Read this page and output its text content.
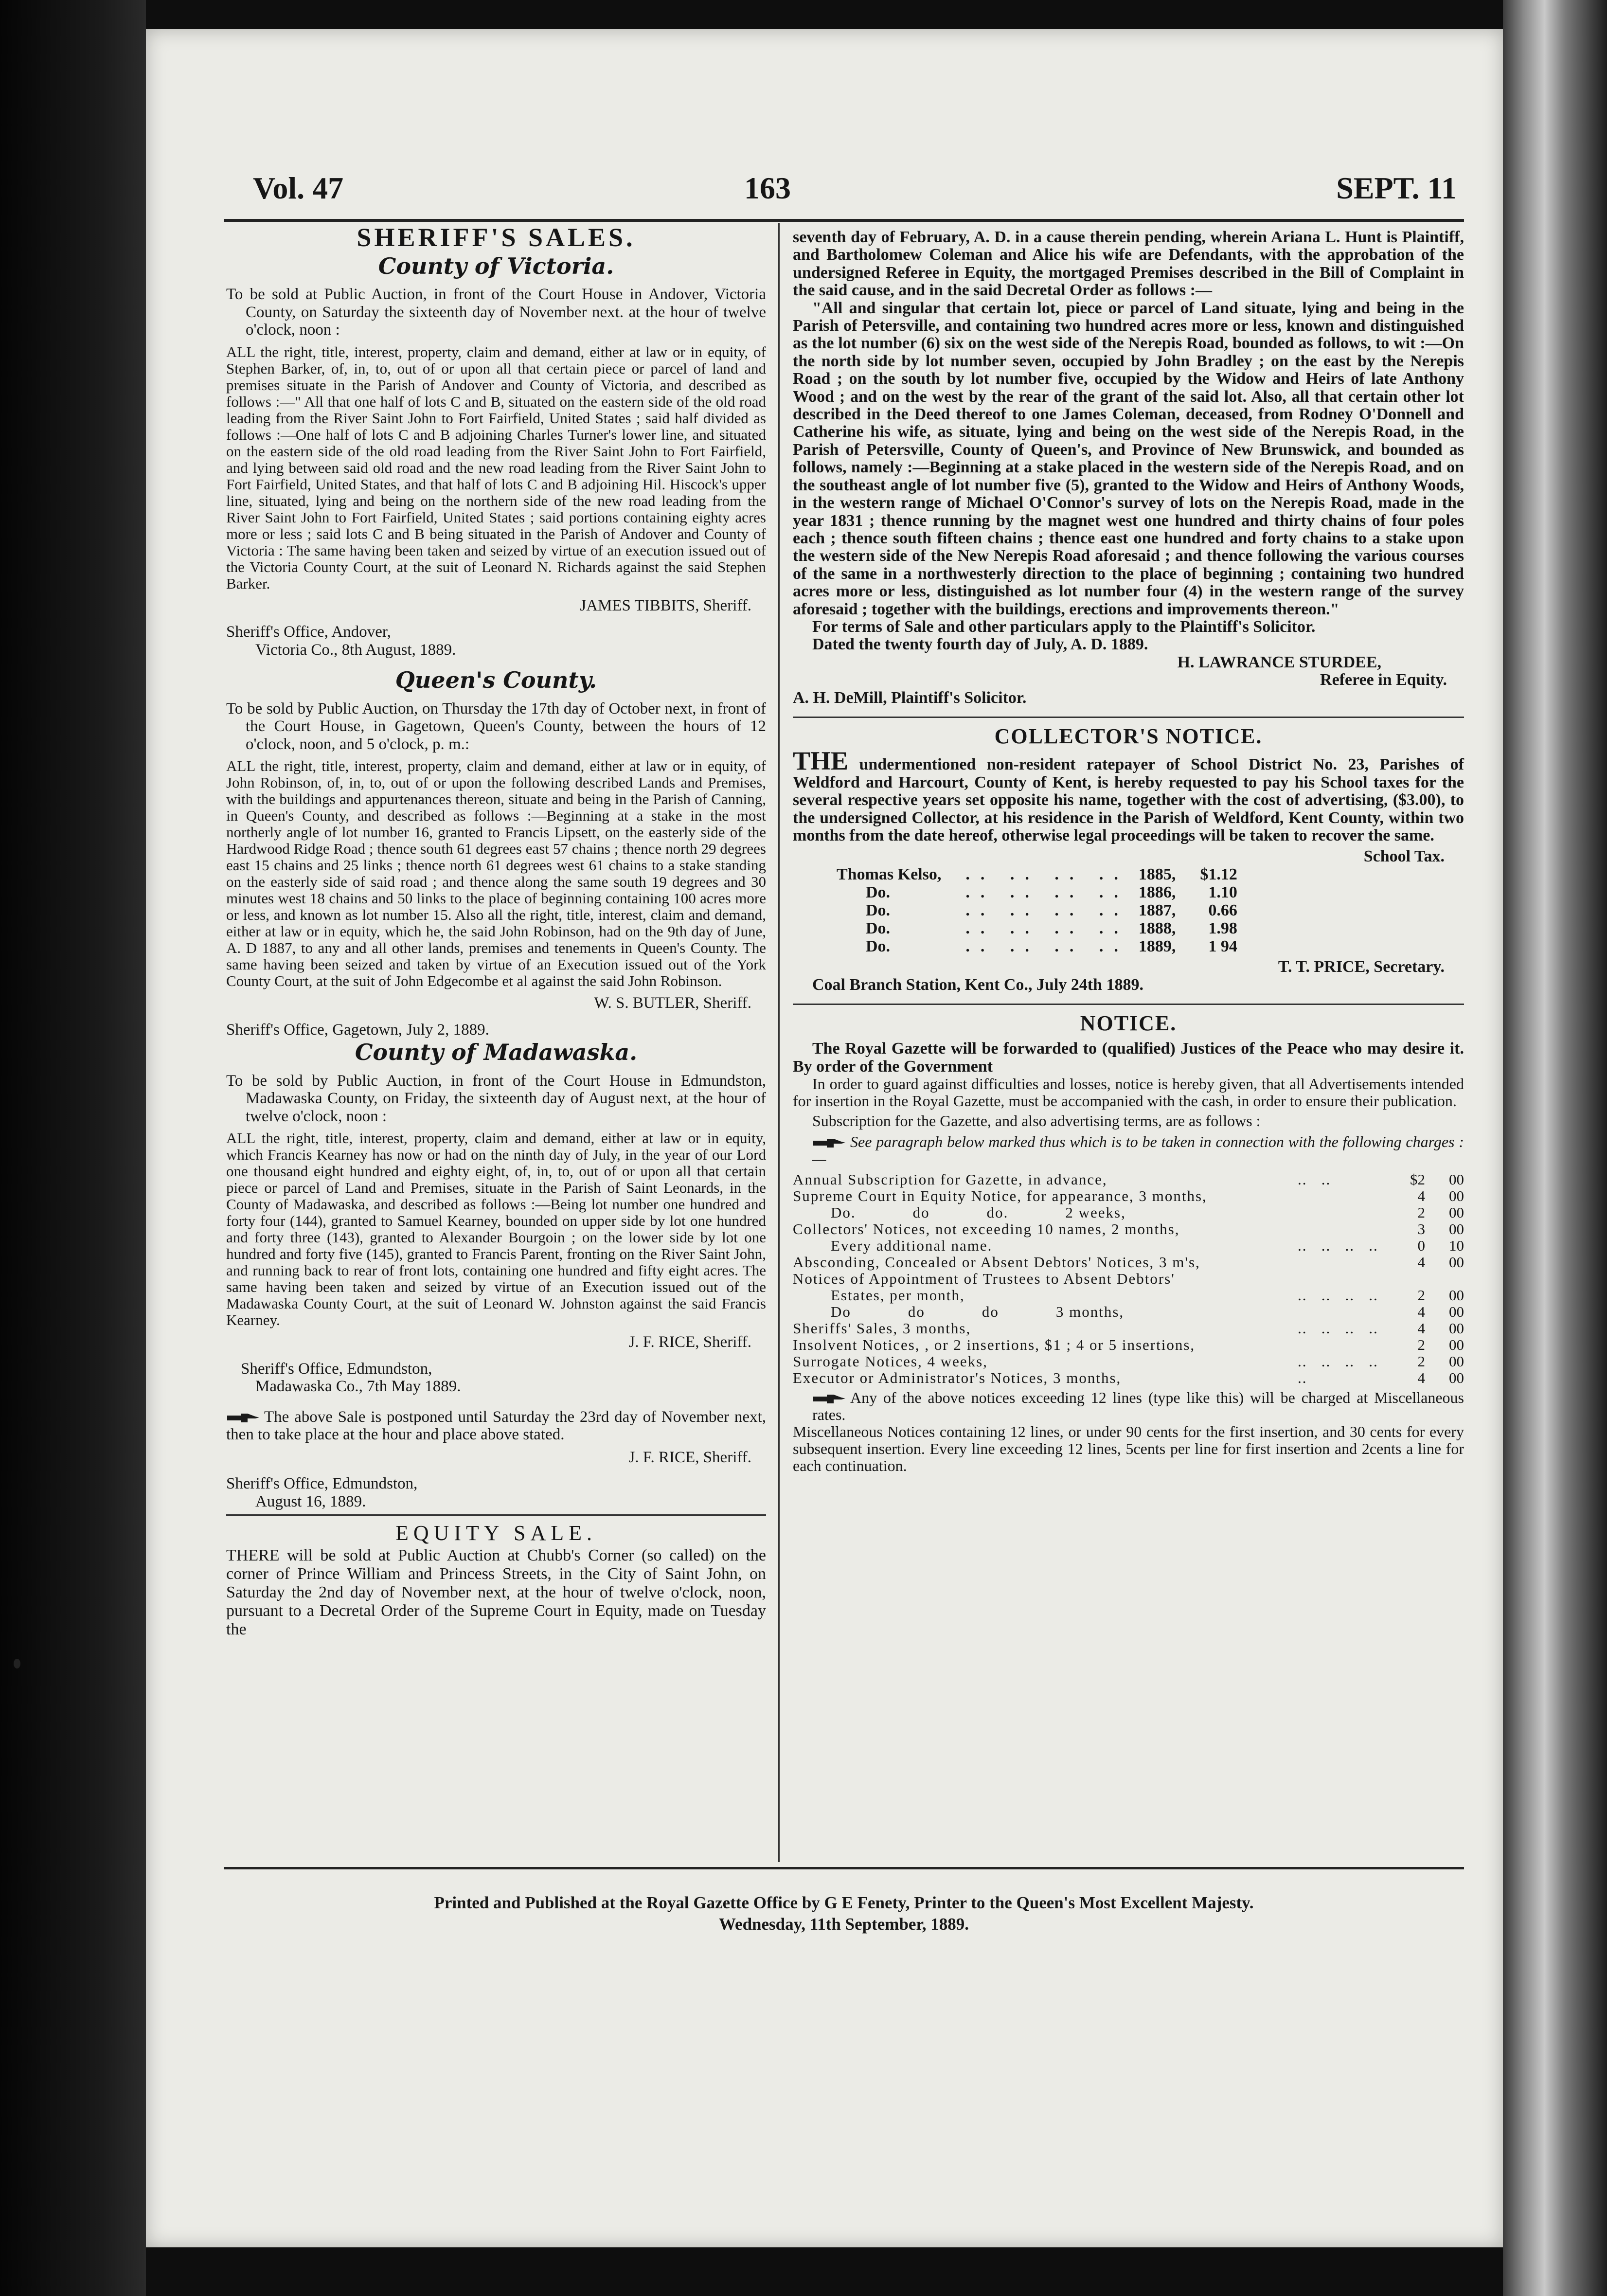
Vol. 47	163	SEPT. 11

SHERIFF'S SALES.

County of Victoria.

To be sold at Public Auction, in front of the Court House in Andover, Victoria County, on Saturday the sixteenth day of November next. at the hour of twelve o'clock, noon :

ALL the right, title, interest, property, claim and demand, either at law or in equity, of Stephen Barker, of, in, to, out of or upon all that certain piece or parcel of land and premises situate in the Parish of Andover and County of Victoria, and described as follows :—" All that one half of lots C and B, situated on the eastern side of the old road leading from the River Saint John to Fort Fairfield, United States ; said half divided as follows :—One half of lots C and B adjoining Charles Turner's lower line, and situated on the eastern side of the old road leading from the River Saint John to Fort Fairfield, and lying between said old road and the new road leading from the River Saint John to Fort Fairfield, United States, and that half of lots C and B adjoining Hil. Hiscock's upper line, situated, lying and being on the northern side of the new road leading from the River Saint John to Fort Fairfield, United States ; said portions containing eighty acres more or less ; said lots C and B being situated in the Parish of Andover and County of Victoria : The same having been taken and seized by virtue of an execution issued out of the Victoria County Court, at the suit of Leonard N. Richards against the said Stephen Barker.

JAMES TIBBITS, Sheriff.

Sheriff's Office, Andover,

Victoria Co., 8th August, 1889.

Queen's County.

To be sold by Public Auction, on Thursday the 17th day of October next, in front of the Court House, in Gagetown, Queen's County, between the hours of 12 o'clock, noon, and 5 o'clock, p. m.:

ALL the right, title, interest, property, claim and demand, either at law or in equity, of John Robinson, of, in, to, out of or upon the following described Lands and Premises, with the buildings and appurtenances thereon, situate and being in the Parish of Canning, in Queen's County, and described as follows :—Beginning at a stake in the most northerly angle of lot number 16, granted to Francis Lipsett, on the easterly side of the Hardwood Ridge Road ; thence south 61 degrees east 57 chains ; thence north 29 degrees east 15 chains and 25 links ; thence north 61 degrees west 61 chains to a stake standing on the easterly side of said road ; and thence along the same south 19 degrees and 30 minutes west 18 chains and 50 links to the place of beginning containing 100 acres more or less, and known as lot number 15. Also all the right, title, interest, claim and demand, either at law or in equity, which he, the said John Robinson, had on the 9th day of June, A. D 1887, to any and all other lands, premises and tenements in Queen's County. The same having been seized and taken by virtue of an Execution issued out of the York County Court, at the suit of John Edgecombe et al against the said John Robinson.

W. S. BUTLER, Sheriff.

Sheriff's Office, Gagetown, July 2, 1889.

County of Madawaska.

To be sold by Public Auction, in front of the Court House in Edmundston, Madawaska County, on Friday, the sixteenth day of August next, at the hour of twelve o'clock, noon :

ALL the right, title, interest, property, claim and demand, either at law or in equity, which Francis Kearney has now or had on the ninth day of July, in the year of our Lord one thousand eight hundred and eighty eight, of, in, to, out of or upon all that certain piece or parcel of Land and Premises, situate in the Parish of Saint Leonards, in the County of Madawaska, and described as follows :—Being lot number one hundred and forty four (144), granted to Samuel Kearney, bounded on upper side by lot one hundred and forty three (143), granted to Alexander Bourgoin ; on the lower side by lot one hundred and forty five (145), granted to Francis Parent, fronting on the River Saint John, and running back to rear of front lots, containing one hundred and fifty eight acres. The same having been taken and seized by virtue of an Execution issued out of the Madawaska County Court, at the suit of Leonard W. Johnston against the said Francis Kearney.

J. F. RICE, Sheriff.

Sheriff's Office, Edmundston,

Madawaska Co., 7th May 1889.

The above Sale is postponed until Saturday the 23rd day of November next, then to take place at the hour and place above stated.

J. F. RICE, Sheriff.

Sheriff's Office, Edmundston,

August 16, 1889.

EQUITY SALE.

THERE will be sold at Public Auction at Chubb's Corner (so called) on the corner of Prince William and Princess Streets, in the City of Saint John, on Saturday the 2nd day of November next, at the hour of twelve o'clock, noon, pursuant to a Decretal Order of the Supreme Court in Equity, made on Tuesday the

seventh day of February, A. D. in a cause therein pending, wherein Ariana L. Hunt is Plaintiff, and Bartholomew Coleman and Alice his wife are Defendants, with the approbation of the undersigned Referee in Equity, the mortgaged Premises described in the Bill of Complaint in the said cause, and in the said Decretal Order as follows :—

"All and singular that certain lot, piece or parcel of Land situate, lying and being in the Parish of Petersville, and containing two hundred acres more or less, known and distinguished as the lot number (6) six on the west side of the Nerepis Road, bounded as follows, to wit :—On the north side by lot number seven, occupied by John Bradley ; on the east by the Nerepis Road ; on the south by lot number five, occupied by the Widow and Heirs of late Anthony Wood ; and on the west by the rear of the grant of the said lot. Also, all that certain other lot described in the Deed thereof to one James Coleman, deceased, from Rodney O'Donnell and Catherine his wife, as situate, lying and being on the west side of the Nerepis Road, in the Parish of Petersville, County of Queen's, and Province of New Brunswick, and bounded as follows, namely :—Beginning at a stake placed in the western side of the Nerepis Road, and on the southeast angle of lot number five (5), granted to the Widow and Heirs of Anthony Woods, in the western range of Michael O'Connor's survey of lots on the Nerepis Road, made in the year 1831 ; thence running by the magnet west one hundred and thirty chains of four poles each ; thence south fifteen chains ; thence east one hundred and forty chains to a stake upon the western side of the New Nerepis Road aforesaid ; and thence following the various courses of the same in a northwesterly direction to the place of beginning ; containing two hundred acres more or less, distinguished as lot number four (4) in the western range of the survey aforesaid ; together with the buildings, erections and improvements thereon."

For terms of Sale and other particulars apply to the Plaintiff's Solicitor.

Dated the twenty fourth day of July, A. D. 1889.

H. LAWRANCE STURDEE,

Referee in Equity.

A. H. DeMill, Plaintiff's Solicitor.

COLLECTOR'S NOTICE.

THE undermentioned non-resident ratepayer of School District No. 23, Parishes of Weldford and Harcourt, County of Kent, is hereby requested to pay his School taxes for the several respective years set opposite his name, together with the cost of advertising, ($3.00), to the undersigned Collector, at his residence in the Parish of Weldford, Kent County, within two months from the date hereof, otherwise legal proceedings will be taken to recover the same.

School Tax.

Thomas Kelso,	.. .. .. ..	1885,	$1.12
Do.	.. .. .. ..	1886,	1.10
Do.	.. .. .. ..	1887,	0.66
Do.	.. .. .. ..	1888,	1.98
Do.	.. .. .. ..	1889,	1 94

T. T. PRICE, Secretary.

Coal Branch Station, Kent Co., July 24th 1889.

NOTICE.

The Royal Gazette will be forwarded to (qualified) Justices of the Peace who may desire it. By order of the Government

In order to guard against difficulties and losses, notice is hereby given, that all Advertisements intended for insertion in the Royal Gazette, must be accompanied with the cash, in order to ensure their publication.

Subscription for the Gazette, and also advertising terms, are as follows :

See paragraph below marked thus which is to be taken in connection with the following charges :—

Annual Subscription for Gazette, in advance,	..   ..	$2	00
Supreme Court in Equity Notice, for appearance, 3 months,		4	00
Do.            do            do.            2 weeks,		2	00
Collectors' Notices, not exceeding 10 names, 2 months,		3	00
Every additional name.	..   ..   ..   ..	0	10
Absconding, Concealed or Absent Debtors' Notices, 3 m's,		4	00
Notices of Appointment of Trustees to Absent Debtors'			
Estates, per month,	..   ..   ..   ..	2	00
Do            do            do            3 months,		4	00
Sheriffs' Sales, 3 months,	..   ..   ..   ..	4	00
Insolvent Notices, , or 2 insertions, $1 ; 4 or 5 insertions,		2	00
Surrogate Notices, 4 weeks,	..   ..   ..   ..	2	00
Executor or Administrator's Notices, 3 months,	..	4	00

Any of the above notices exceeding 12 lines (type like this) will be charged at Miscellaneous rates.

Miscellaneous Notices containing 12 lines, or under 90 cents for the first insertion, and 30 cents for every subsequent insertion. Every line exceeding 12 lines, 5cents per line for first insertion and 2cents a line for each continuation.

Printed and Published at the Royal Gazette Office by G E Fenety, Printer to the Queen's Most Excellent Majesty.

Wednesday, 11th September, 1889.
